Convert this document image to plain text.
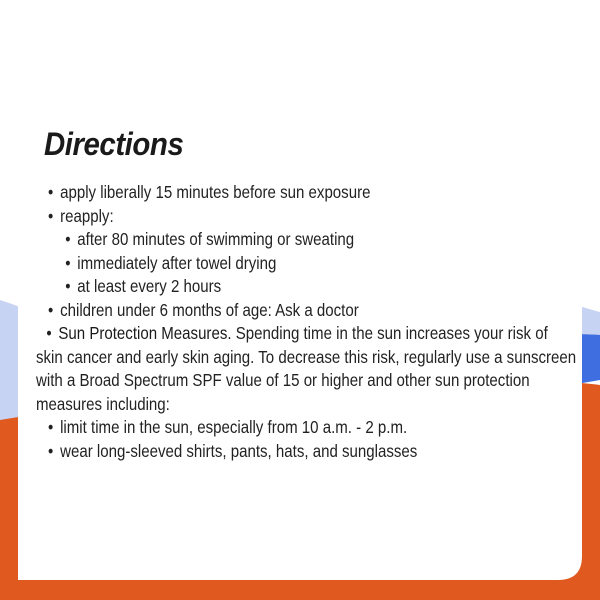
Directions
• apply liberally 15 minutes before sun exposure
• reapply:
• after 80 minutes of swimming or sweating
• immediately after towel drying
• at least every 2 hours
• children under 6 months of age: Ask a doctor

• Sun Protection Measures. Spending time in the sun increases your risk of skin cancer and early skin aging. To decrease this risk, regularly use a sunscreen with a Broad Spectrum SPF value of 15 or higher and other sun protection measures including:

• limit time in the sun, especially from 10 a.m. - 2 p.m.
• wear long-sleeved shirts, pants, hats, and sunglasses
